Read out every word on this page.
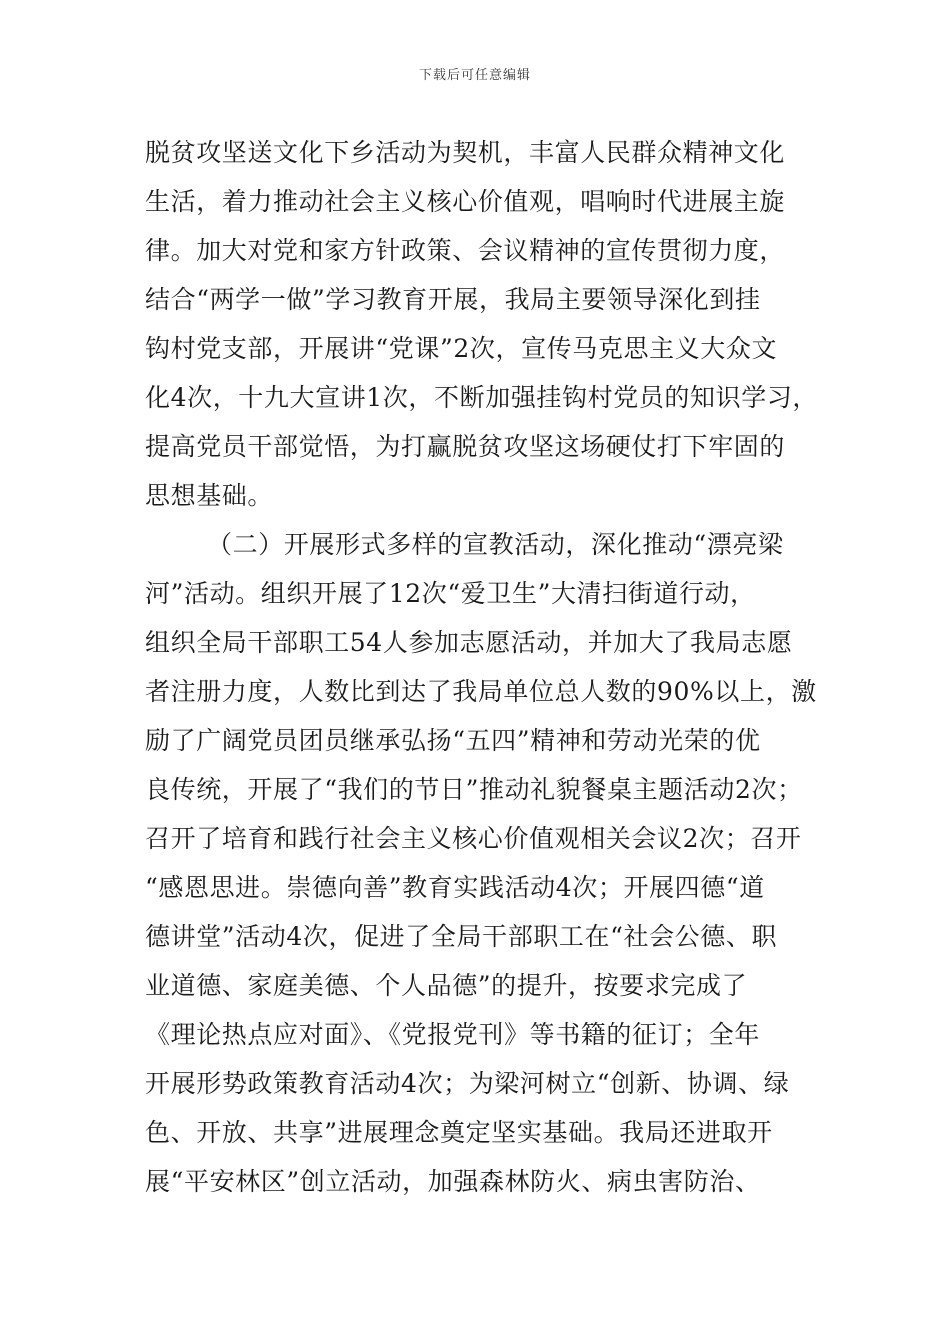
下载后可任意编辑
脱贫攻坚送文化下乡活动为契机，丰富人民群众精神文化
生活，着力推动社会主义核心价值观，唱响时代进展主旋
律。加大对党和家方针政策、会议精神的宣传贯彻力度，
结合“两学一做”学习教育开展，我局主要领导深化到挂
钩村党支部，开展讲“党课”2次，宣传马克思主义大众文
化4次，十九大宣讲1次，不断加强挂钩村党员的知识学习，
提高党员干部觉悟，为打赢脱贫攻坚这场硬仗打下牢固的
思想基础。
（二）开展形式多样的宣教活动，深化推动“漂亮梁
河”活动。组织开展了12次“爱卫生”大清扫街道行动，
组织全局干部职工54人参加志愿活动，并加大了我局志愿
者注册力度，人数比到达了我局单位总人数的90%以上，激
励了广阔党员团员继承弘扬“五四”精神和劳动光荣的优
良传统，开展了“我们的节日”推动礼貌餐桌主题活动2次；
召开了培育和践行社会主义核心价值观相关会议2次；召开
“感恩思进。崇德向善”教育实践活动4次；开展四德“道
德讲堂”活动4次，促进了全局干部职工在“社会公德、职
业道德、家庭美德、个人品德”的提升，按要求完成了
《理论热点应对面》、《党报党刊》等书籍的征订；全年
开展形势政策教育活动4次；为梁河树立“创新、协调、绿
色、开放、共享”进展理念奠定坚实基础。我局还进取开
展“平安林区”创立活动，加强森林防火、病虫害防治、
